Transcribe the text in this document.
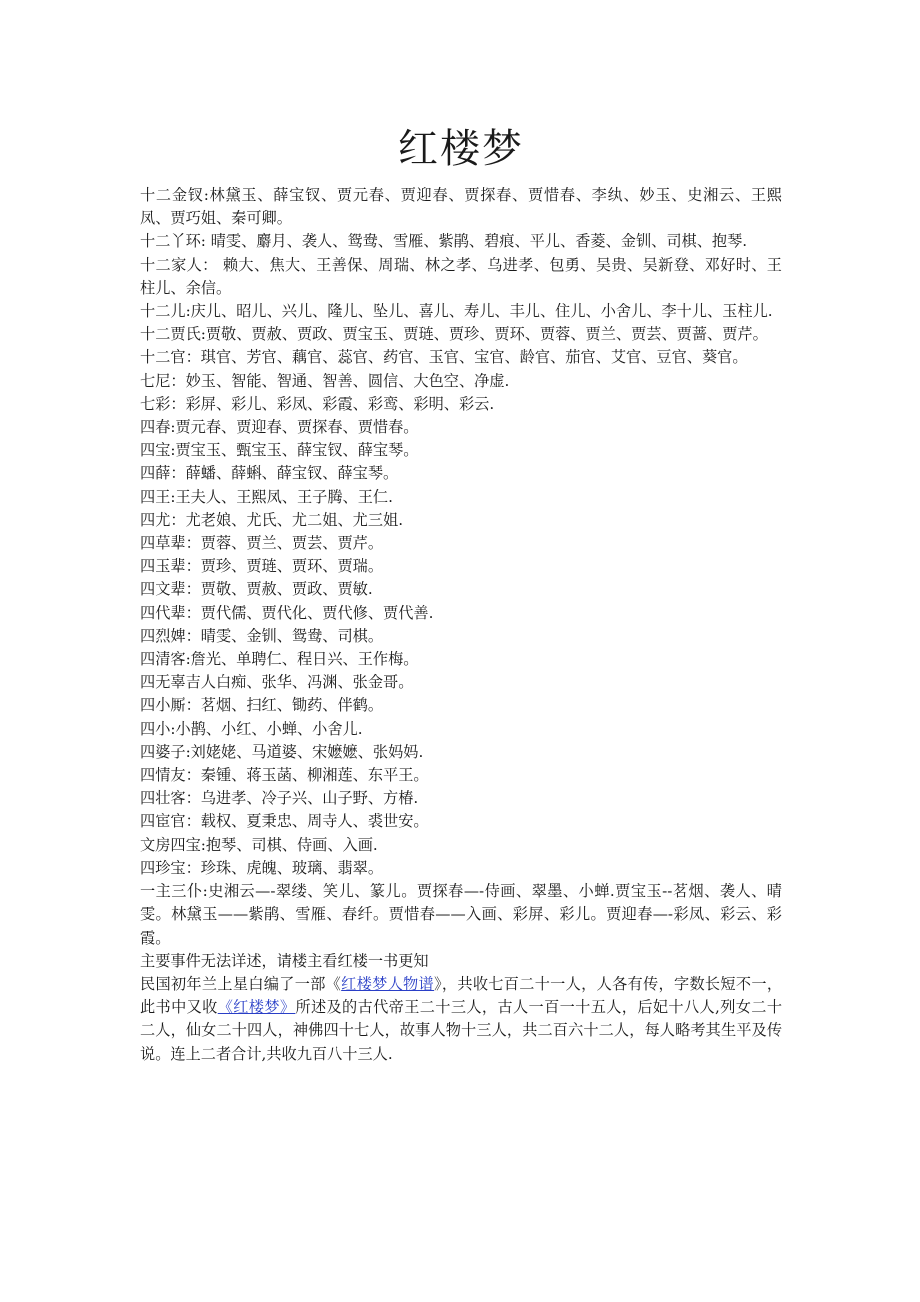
红楼梦

十二金钗:林黛玉、薛宝钗、贾元春、贾迎春、贾探春、贾惜春、李纨、妙玉、史湘云、王熙凤、贾巧姐、秦可卿。

十二丫环: 晴雯、麝月、袭人、鸳鸯、雪雁、紫鹃、碧痕、平儿、香菱、金钏、司棋、抱琴.

十二家人： 赖大、焦大、王善保、周瑞、林之孝、乌进孝、包勇、吴贵、吴新登、邓好时、王柱儿、余信。

十二儿:庆儿、昭儿、兴儿、隆儿、坠儿、喜儿、寿儿、丰儿、住儿、小舍儿、李十儿、玉柱儿.

十二贾氏:贾敬、贾赦、贾政、贾宝玉、贾琏、贾珍、贾环、贾蓉、贾兰、贾芸、贾蔷、贾芹。

十二官：琪官、芳官、藕官、蕊官、药官、玉官、宝官、龄官、茄官、艾官、豆官、葵官。

七尼：妙玉、智能、智通、智善、圆信、大色空、净虚.

七彩：彩屏、彩儿、彩凤、彩霞、彩鸾、彩明、彩云.

四春:贾元春、贾迎春、贾探春、贾惜春。

四宝:贾宝玉、甄宝玉、薛宝钗、薛宝琴。

四薛：薛蟠、薛蝌、薛宝钗、薛宝琴。

四王:王夫人、王熙凤、王子腾、王仁.

四尤：尤老娘、尤氏、尤二姐、尤三姐.

四草辈：贾蓉、贾兰、贾芸、贾芹。

四玉辈：贾珍、贾琏、贾环、贾瑞。

四文辈：贾敬、贾赦、贾政、贾敏.

四代辈：贾代儒、贾代化、贾代修、贾代善.

四烈婢：晴雯、金钏、鸳鸯、司棋。

四清客:詹光、单聘仁、程日兴、王作梅。

四无辜吉人白痴、张华、冯渊、张金哥。

四小厮：茗烟、扫红、锄药、伴鹤。

四小:小鹊、小红、小蝉、小舍儿.

四婆子:刘姥姥、马道婆、宋嬷嬷、张妈妈.

四情友：秦锺、蒋玉菡、柳湘莲、东平王。

四壮客：乌进孝、冷子兴、山子野、方椿.

四宦官：载权、夏秉忠、周寺人、裘世安。

文房四宝:抱琴、司棋、侍画、入画.

四珍宝：珍珠、虎魄、玻璃、翡翠。

一主三仆:史湘云—-翠缕、笑儿、篆儿。贾探春—-侍画、翠墨、小蝉.贾宝玉--茗烟、袭人、晴雯。林黛玉——紫鹃、雪雁、春纤。贾惜春——入画、彩屏、彩儿。贾迎春—-彩凤、彩云、彩霞。

主要事件无法详述，请楼主看红楼一书更知

民国初年兰上星白编了一部《红楼梦人物谱》，共收七百二十一人，人各有传，字数长短不一，此书中又收《红楼梦》所述及的古代帝王二十三人，古人一百一十五人，后妃十八人,列女二十二人，仙女二十四人，神佛四十七人，故事人物十三人，共二百六十二人，每人略考其生平及传说。连上二者合计,共收九百八十三人.
